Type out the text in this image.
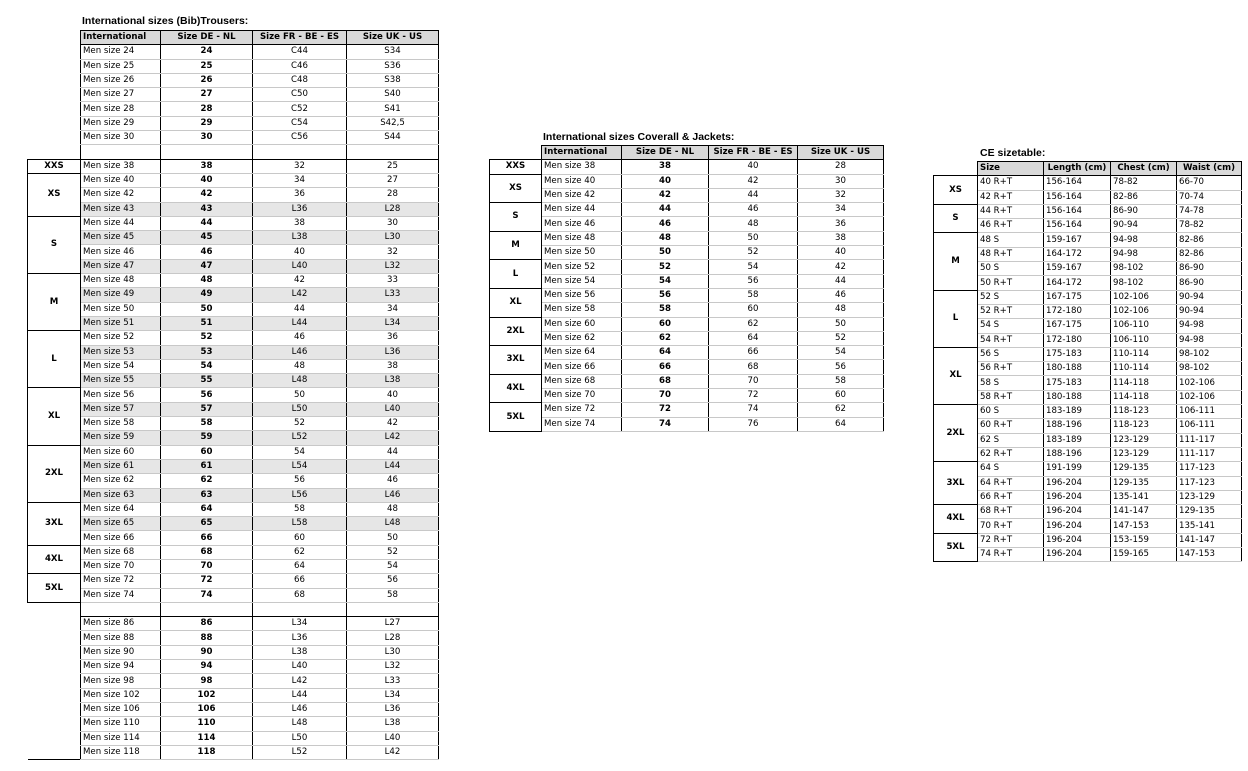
International sizes (Bib)Trousers:
	International	Size DE - NL	Size FR - BE - ES	Size UK - US
	Men size 24	24	C44	S34
	Men size 25	25	C46	S36
	Men size 26	26	C48	S38
	Men size 27	27	C50	S40
	Men size 28	28	C52	S41
	Men size 29	29	C54	S42,5
	Men size 30	30	C56	S44

XXS	Men size 38	38	32	25
XS	Men size 40	40	34	27
	Men size 42	42	36	28
	Men size 43	43	L36	L28
S	Men size 44	44	38	30
	Men size 45	45	L38	L30
	Men size 46	46	40	32
	Men size 47	47	L40	L32
M	Men size 48	48	42	33
	Men size 49	49	L42	L33
	Men size 50	50	44	34
	Men size 51	51	L44	L34
L	Men size 52	52	46	36
	Men size 53	53	L46	L36
	Men size 54	54	48	38
	Men size 55	55	L48	L38
XL	Men size 56	56	50	40
	Men size 57	57	L50	L40
	Men size 58	58	52	42
	Men size 59	59	L52	L42
2XL	Men size 60	60	54	44
	Men size 61	61	L54	L44
	Men size 62	62	56	46
	Men size 63	63	L56	L46
3XL	Men size 64	64	58	48
	Men size 65	65	L58	L48
	Men size 66	66	60	50
4XL	Men size 68	68	62	52
	Men size 70	70	64	54
5XL	Men size 72	72	66	56
	Men size 74	74	68	58

	Men size 86	86	L34	L27
	Men size 88	88	L36	L28
	Men size 90	90	L38	L30
	Men size 94	94	L40	L32
	Men size 98	98	L42	L33
	Men size 102	102	L44	L34
	Men size 106	106	L46	L36
	Men size 110	110	L48	L38
	Men size 114	114	L50	L40
	Men size 118	118	L52	L42
International sizes Coverall & Jackets:
	International	Size DE - NL	Size FR - BE - ES	Size UK - US
XXS	Men size 38	38	40	28
XS	Men size 40	40	42	30
	Men size 42	42	44	32
S	Men size 44	44	46	34
	Men size 46	46	48	36
M	Men size 48	48	50	38
	Men size 50	50	52	40
L	Men size 52	52	54	42
	Men size 54	54	56	44
XL	Men size 56	56	58	46
	Men size 58	58	60	48
2XL	Men size 60	60	62	50
	Men size 62	62	64	52
3XL	Men size 64	64	66	54
	Men size 66	66	68	56
4XL	Men size 68	68	70	58
	Men size 70	70	72	60
5XL	Men size 72	72	74	62
	Men size 74	74	76	64
CE sizetable:
	Size	Length (cm)	Chest (cm)	Waist (cm)
XS	40 R+T	156-164	78-82	66-70
	42 R+T	156-164	82-86	70-74
S	44 R+T	156-164	86-90	74-78
	46 R+T	156-164	90-94	78-82
M	48 S	159-167	94-98	82-86
	48 R+T	164-172	94-98	82-86
	50 S	159-167	98-102	86-90
	50 R+T	164-172	98-102	86-90
L	52 S	167-175	102-106	90-94
	52 R+T	172-180	102-106	90-94
	54 S	167-175	106-110	94-98
	54 R+T	172-180	106-110	94-98
XL	56 S	175-183	110-114	98-102
	56 R+T	180-188	110-114	98-102
	58 S	175-183	114-118	102-106
	58 R+T	180-188	114-118	102-106
2XL	60 S	183-189	118-123	106-111
	60 R+T	188-196	118-123	106-111
	62 S	183-189	123-129	111-117
	62 R+T	188-196	123-129	111-117
3XL	64 S	191-199	129-135	117-123
	64 R+T	196-204	129-135	117-123
	66 R+T	196-204	135-141	123-129
4XL	68 R+T	196-204	141-147	129-135
	70 R+T	196-204	147-153	135-141
5XL	72 R+T	196-204	153-159	141-147
	74 R+T	196-204	159-165	147-153
